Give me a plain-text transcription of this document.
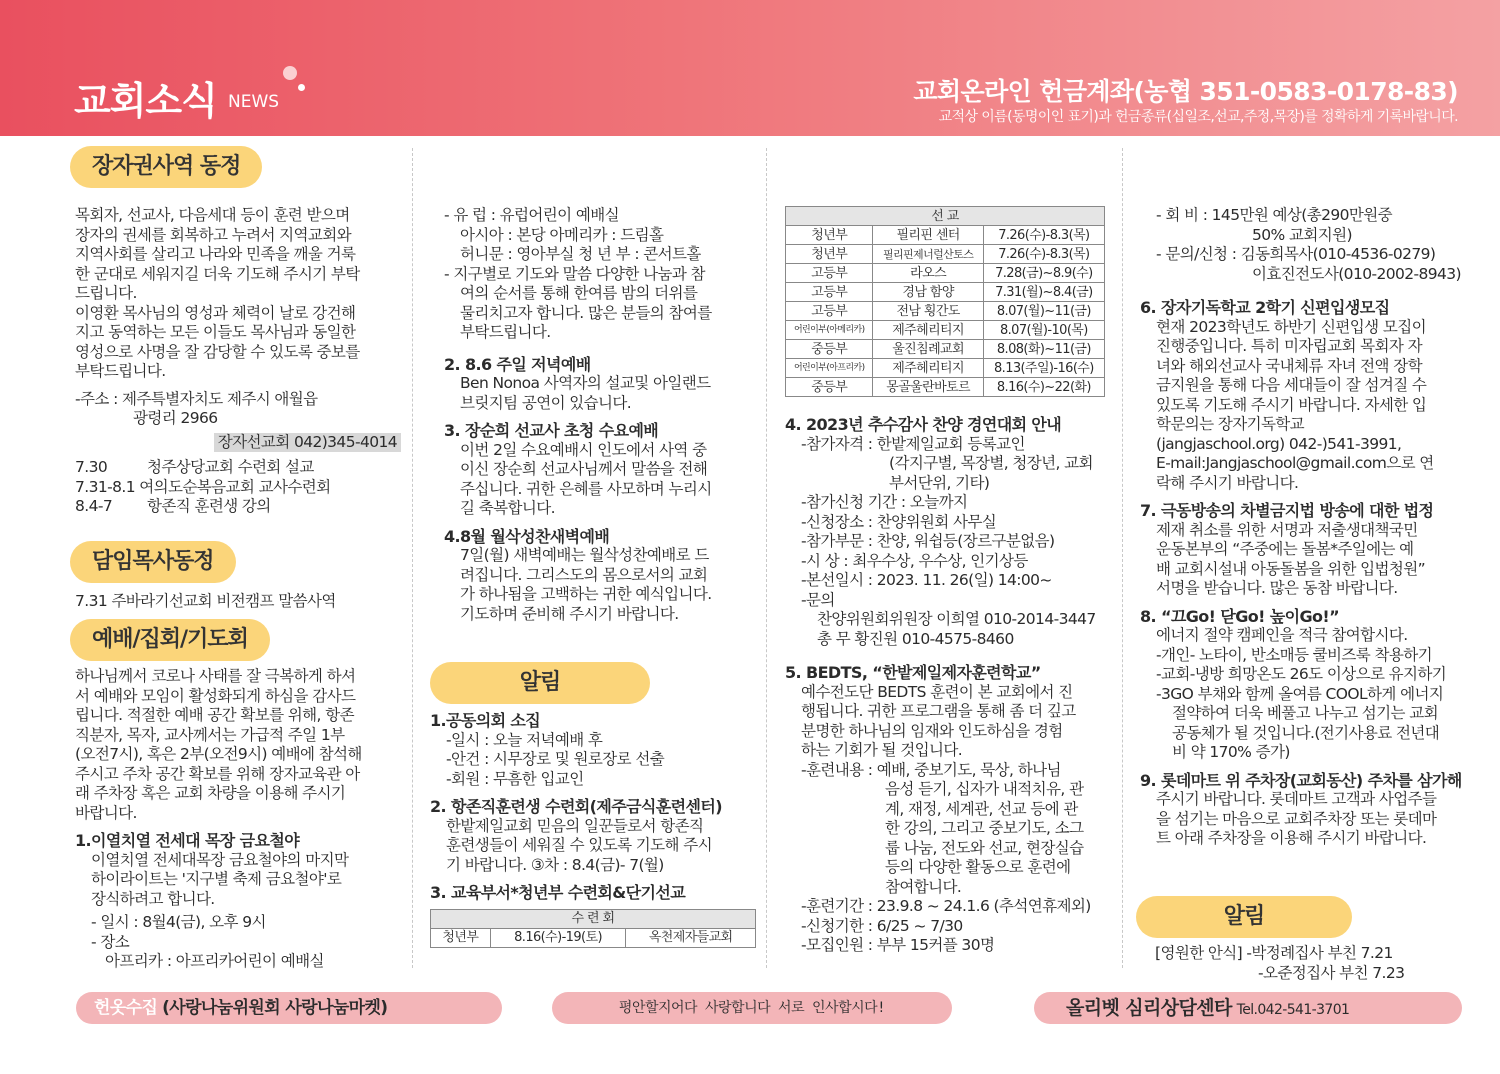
교회소식 NEWS	교회온라인 헌금계좌(농협 351-0583-0178-83)
교적상 이름(동명이인 표기)과 헌금종류(십일조,선교,주정,목장)를 정확하게 기록바랍니다.
장자권사역 동정

목회자, 선교사, 다음세대 등이 훈련 받으며

장자의 권세를 회복하고 누려서 지역교회와

지역사회를 살리고 나라와 민족을 깨울 거룩

한 군대로 세워지길 더욱 기도해 주시기 부탁

드립니다.

이영환 목사님의 영성과 체력이 날로 강건해

지고 동역하는 모든 이들도 목사님과 동일한

영성으로 사명을 잘 감당할 수 있도록 중보를

부탁드립니다.

-주소 : 제주특별자치도 제주시 애월읍

광령리 2966

장자선교회 042)345-4014

7.30	청주상당교회 수련회 설교

7.31-8.1 여의도순복음교회 교사수련회

8.4-7 항존직 훈련생 강의

담임목사동정

7.31 주바라기선교회 비전캠프 말씀사역

예배/집회/기도회

하나님께서 코로나 사태를 잘 극복하게 하셔

서 예배와 모임이 활성화되게 하심을 감사드

립니다. 적절한 예배 공간 확보를 위해, 항존

직분자, 목자, 교사께서는 가급적 주일 1부

(오전7시), 혹은 2부(오전9시) 예배에 참석해

주시고 주차 공간 확보를 위해 장자교육관 아

래 주차장 혹은 교회 차량을 이용해 주시기

바랍니다.

1.이열치열 전세대 목장 금요철야

이열치열 전세대목장 금요철야의 마지막

하이라이트는 '지구별 축제 금요철야'로

장식하려고 합니다.

- 일시 : 8월4(금), 오후 9시

- 장소

아프리카 : 아프리카어린이 예배실

- 유 럽 : 유럽어린이 예배실

아시아 : 본당 아메리카 : 드림홀

허니문 : 영아부실 청 년 부 : 콘서트홀

- 지구별로 기도와 말씀 다양한 나눔과 참

여의 순서를 통해 한여름 밤의 더위를

물리치고자 합니다. 많은 분들의 참여를

부탁드립니다.

2. 8.6 주일 저녁예배

Ben Nonoa 사역자의 설교및 아일랜드

브릿지팀 공연이 있습니다.

3. 장순희 선교사 초청 수요예배

이번 2일 수요예배시 인도에서 사역 중

이신 장순희 선교사님께서 말씀을 전해

주십니다. 귀한 은혜를 사모하며 누리시

길 축복합니다.

4.8월 월삭성찬새벽예배

7일(월) 새벽예배는 월삭성찬예배로 드

려집니다. 그리스도의 몸으로서의 교회

가 하나됨을 고백하는 귀한 예식입니다.

기도하며 준비해 주시기 바랍니다.

알림

1.공동의회 소집

-일시 : 오늘 저녁예배 후

-안건 : 시무장로 및 원로장로 선출

-회원 : 무흠한 입교인

2. 항존직훈련생 수련회(제주금식훈련센터)

한밭제일교회 믿음의 일꾼들로서 항존직

훈련생들이 세워질 수 있도록 기도해 주시

기 바랍니다. ③차 : 8.4(금)- 7(월)

3. 교육부서*청년부 수련회&단기선교

수 련 회
청년부	8.16(수)-19(토)	옥천제자들교회
선 교		
청년부	필리핀 센터	7.26(수)-8.3(목)
청년부	필리핀제너럴산토스	7.26(수)-8.3(목)
고등부	라오스	7.28(금)~8.9(수)
고등부	경남 함양	7.31(월)~8.4(금)
고등부	전남 횡간도	8.07(월)~11(금)
어린이부(아메리카)	제주헤리티지	8.07(월)-10(목)
중등부	울진침례교회	8.08(화)~11(금)
어린이부(아프리카)	제주헤리티지	8.13(주일)-16(수)
중등부	몽골울란바토르	8.16(수)~22(화)

4. 2023년 추수감사 찬양 경연대회 안내

-참가자격 : 한밭제일교회 등록교인

(각지구별, 목장별, 청장년, 교회

부서단위, 기타)

-참가신청 기간 : 오늘까지

-신청장소 : 찬양위원회 사무실

-참가부문 : 찬양, 워쉽등(장르구분없음)

-시 상 : 최우수상, 우수상, 인기상등

-본선일시 : 2023. 11. 26(일) 14:00~

-문의

찬양위원회위원장 이희열 010-2014-3447

총 무 황진원 010-4575-8460

5. BEDTS, “한밭제일제자훈련학교”

예수전도단 BEDTS 훈련이 본 교회에서 진

행됩니다. 귀한 프로그램을 통해 좀 더 깊고

분명한 하나님의 임재와 인도하심을 경험

하는 기회가 될 것입니다.

-훈련내용 : 예배, 중보기도, 묵상, 하나님

음성 듣기, 십자가 내적치유, 관

계, 재정, 세계관, 선교 등에 관

한 강의, 그리고 중보기도, 소그

룹 나눔, 전도와 선교, 현장실습

등의 다양한 활동으로 훈련에

참여합니다.

-훈련기간 : 23.9.8 ~ 24.1.6 (추석연휴제외)

-신청기한 : 6/25 ~ 7/30

-모집인원 : 부부 15커플 30명

- 회 비 : 145만원 예상(총290만원중

50% 교회지원)

- 문의/신청 : 김동희목사(010-4536-0279)

이효진전도사(010-2002-8943)

6. 장자기독학교 2학기 신편입생모집

현재 2023학년도 하반기 신편입생 모집이

진행중입니다. 특히 미자립교회 목회자 자

녀와 해외선교사 국내체류 자녀 전액 장학

금지원을 통해 다음 세대들이 잘 섬겨질 수

있도록 기도해 주시기 바랍니다. 자세한 입

학문의는 장자기독학교

(jangjaschool.org) 042-)541-3991,

E-mail:Jangjaschool@gmail.com으로 연

락해 주시기 바랍니다.

7. 극동방송의 차별금지법 방송에 대한 법정

제재 취소를 위한 서명과 저출생대책국민

운동본부의 “주중에는 돌봄*주일에는 예

배 교회시설내 아동돌봄을 위한 입법청원”

서명을 받습니다. 많은 동참 바랍니다.

8. “끄Go! 닫Go! 높이Go!”

에너지 절약 캠페인을 적극 참여합시다.

-개인- 노타이, 반소매등 쿨비즈룩 착용하기

-교회-냉방 희망온도 26도 이상으로 유지하기

-3GO 부채와 함께 올여름 COOL하게 에너지

절약하여 더욱 베풀고 나누고 섬기는 교회

공동체가 될 것입니다.(전기사용료 전년대

비 약 170% 증가)

9. 롯데마트 위 주차장(교회동산) 주차를 삼가해

주시기 바랍니다. 롯데마트 고객과 사업주들

을 섬기는 마음으로 교회주차장 또는 롯데마

트 아래 주차장을 이용해 주시기 바랍니다.

알림

[영원한 안식] -박정례집사 부친 7.21

-오준정집사 부친 7.23

헌옷수집 (사랑나눔위원회 사랑나눔마켓)	평안할지어다 사랑합니다 서로 인사합시다!	올리벳 심리상담센타 Tel.042-541-3701
